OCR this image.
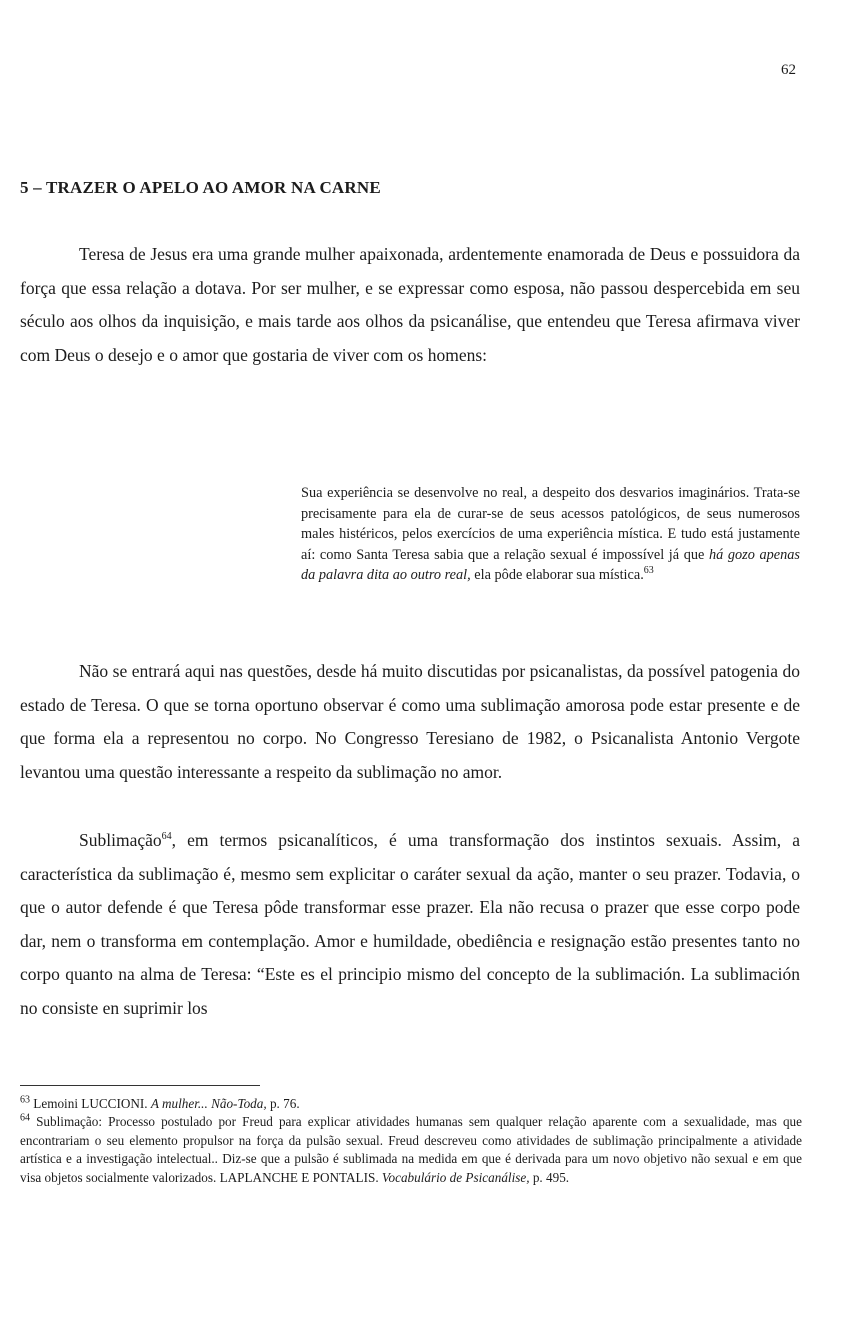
62
5 – TRAZER O APELO AO AMOR NA CARNE

Teresa de Jesus era uma grande mulher apaixonada, ardentemente enamorada de Deus e possuidora da força que essa relação a dotava. Por ser mulher, e se expressar como esposa, não passou despercebida em seu século aos olhos da inquisição, e mais tarde aos olhos da psicanálise, que entendeu que Teresa afirmava viver com Deus o desejo e o amor que gostaria de viver com os homens:

Sua experiência se desenvolve no real, a despeito dos desvarios imaginários. Trata-se precisamente para ela de curar-se de seus acessos patológicos, de seus numerosos males histéricos, pelos exercícios de uma experiência mística. E tudo está justamente aí: como Santa Teresa sabia que a relação sexual é impossível já que há gozo apenas da palavra dita ao outro real, ela pôde elaborar sua mística.$^{63}$

Não se entrará aqui nas questões, desde há muito discutidas por psicanalistas, da possível patogenia do estado de Teresa. O que se torna oportuno observar é como uma sublimação amorosa pode estar presente e de que forma ela a representou no corpo. No Congresso Teresiano de 1982, o Psicanalista Antonio Vergote levantou uma questão interessante a respeito da sublimação no amor.

Sublimação$^{64}$, em termos psicanalíticos, é uma transformação dos instintos sexuais. Assim, a característica da sublimação é, mesmo sem explicitar o caráter sexual da ação, manter o seu prazer. Todavia, o que o autor defende é que Teresa pôde transformar esse prazer. Ela não recusa o prazer que esse corpo pode dar, nem o transforma em contemplação. Amor e humildade, obediência e resignação estão presentes tanto no corpo quanto na alma de Teresa: “Este es el principio mismo del concepto de la sublimación. La sublimación no consiste en suprimir los

$^{63}$ Lemoini LUCCIONI. A mulher... Não-Toda, p. 76.

$^{64}$ Sublimação: Processo postulado por Freud para explicar atividades humanas sem qualquer relação aparente com a sexualidade, mas que encontrariam o seu elemento propulsor na força da pulsão sexual. Freud descreveu como atividades de sublimação principalmente a atividade artística e a investigação intelectual.. Diz-se que a pulsão é sublimada na medida em que é derivada para um novo objetivo não sexual e em que visa objetos socialmente valorizados. LAPLANCHE E PONTALIS. Vocabulário de Psicanálise, p. 495.
